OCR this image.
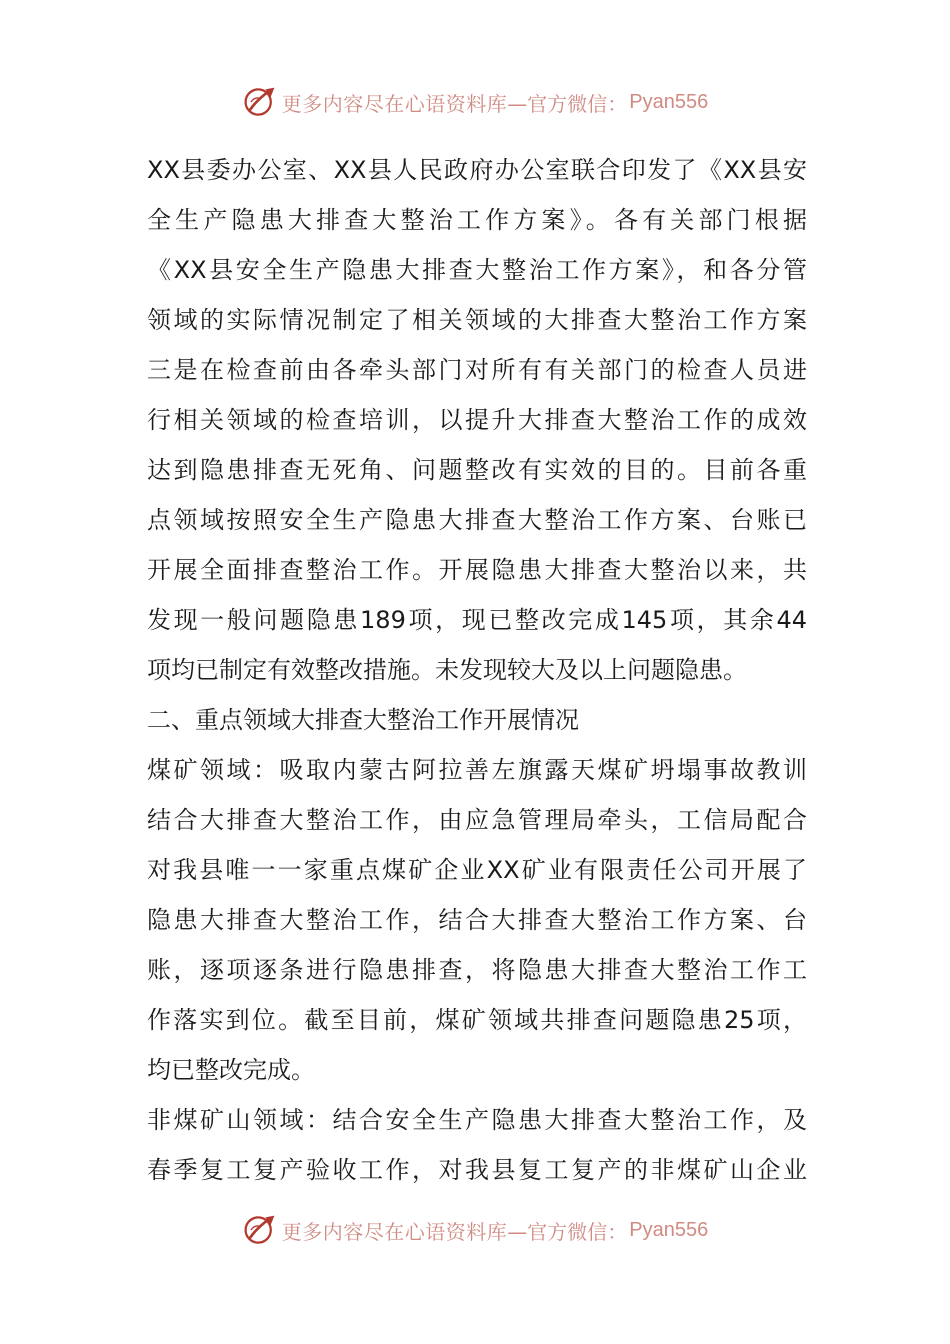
更多内容尽在心语资料库 —官方微信： Pyan556
XX县委办公室、XX县人民政府办公室联合印发了《XX县安
全生产隐患大排查大整治工作方案》。各有关部门根据
《XX县安全生产隐患大排查大整治工作方案》，和各分管
领域的实际情况制定了相关领域的大排查大整治工作方案
三是在检查前由各牵头部门对所有有关部门的检查人员进
行相关领域的检查培训，以提升大排查大整治工作的成效
达到隐患排查无死角、问题整改有实效的目的。目前各重
点领域按照安全生产隐患大排查大整治工作方案、台账已
开展全面排查整治工作。开展隐患大排查大整治以来，共
发现一般问题隐患189项，现已整改完成145项，其余44
项均已制定有效整改措施。未发现较大及以上问题隐患。
二、重点领域大排查大整治工作开展情况
煤矿领域：吸取内蒙古阿拉善左旗露天煤矿坍塌事故教训
结合大排查大整治工作，由应急管理局牵头，工信局配合
对我县唯一一家重点煤矿企业XX矿业有限责任公司开展了
隐患大排查大整治工作，结合大排查大整治工作方案、台
账，逐项逐条进行隐患排查，将隐患大排查大整治工作工
作落实到位。截至目前，煤矿领域共排查问题隐患25项，
均已整改完成。
非煤矿山领域：结合安全生产隐患大排查大整治工作，及
春季复工复产验收工作，对我县复工复产的非煤矿山企业
更多内容尽在心语资料库 —官方微信： Pyan556
